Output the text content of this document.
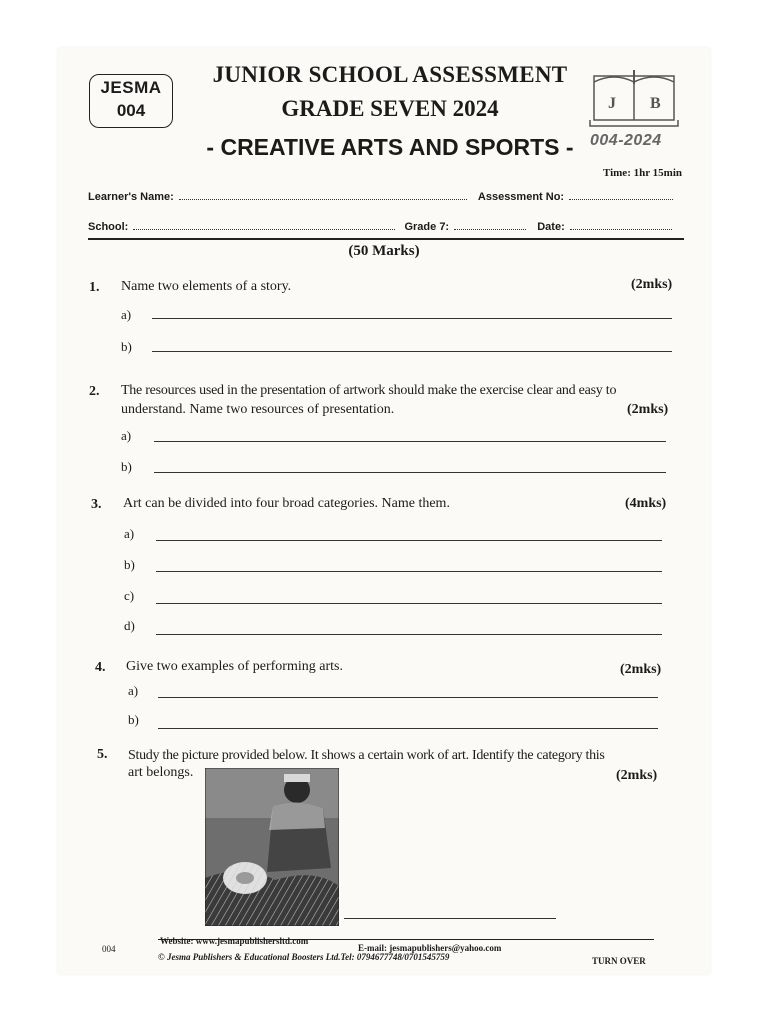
JESMA
004
JUNIOR SCHOOL ASSESSMENT
GRADE SEVEN 2024
- CREATIVE ARTS AND SPORTS -
J B
004-2024
Time: 1hr 15min
Learner's Name:	Assessment No:
School:	Grade 7:	Date:
(50 Marks)
1. Name two elements of a story.	(2mks)
a)
b)
2. The resources used in the presentation of artwork should make the exercise clear and easy to
understand. Name two resources of presentation.	(2mks)
a)
b)
3. Art can be divided into four broad categories. Name them.	(4mks)
a)
b)
c)
d)
4. Give two examples of performing arts.	(2mks)
a)
b)
5. Study the picture provided below. It shows a certain work of art. Identify the category this
art belongs.	(2mks)
004
Website: www.jesmapublishersltd.com
E-mail: jesmapublishers@yahoo.com
© Jesma Publishers & Educational Boosters Ltd.Tel: 0794677748/0701545759	TURN OVER
